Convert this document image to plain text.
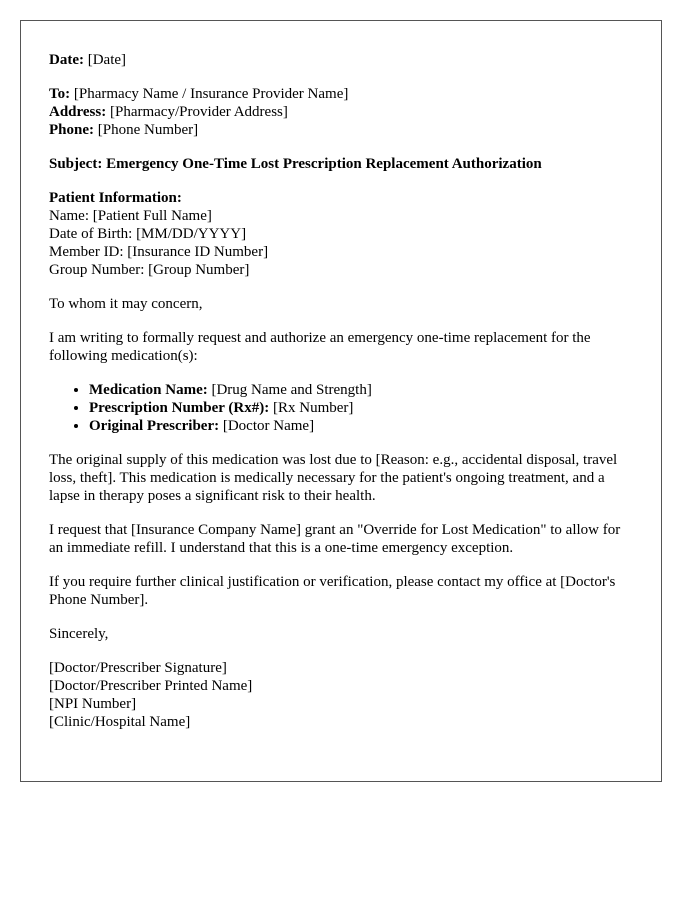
Date: [Date]

To: [Pharmacy Name / Insurance Provider Name]
Address: [Pharmacy/Provider Address]
Phone: [Phone Number]

Subject: Emergency One-Time Lost Prescription Replacement Authorization

Patient Information:
Name: [Patient Full Name]
Date of Birth: [MM/DD/YYYY]
Member ID: [Insurance ID Number]
Group Number: [Group Number]

To whom it may concern,

I am writing to formally request and authorize an emergency one-time replacement for the following medication(s):

• Medication Name: [Drug Name and Strength]
• Prescription Number (Rx#): [Rx Number]
• Original Prescriber: [Doctor Name]

The original supply of this medication was lost due to [Reason: e.g., accidental disposal, travel loss, theft]. This medication is medically necessary for the patient's ongoing treatment, and a lapse in therapy poses a significant risk to their health.

I request that [Insurance Company Name] grant an "Override for Lost Medication" to allow for an immediate refill. I understand that this is a one-time emergency exception.

If you require further clinical justification or verification, please contact my office at [Doctor's Phone Number].

Sincerely,

[Doctor/Prescriber Signature]
[Doctor/Prescriber Printed Name]
[NPI Number]
[Clinic/Hospital Name]
